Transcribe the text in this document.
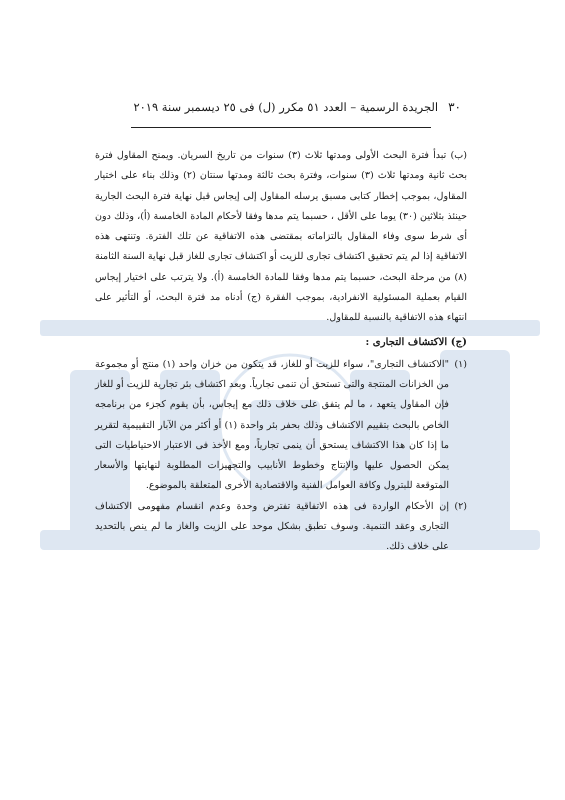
٣٠
الجريدة الرسمية – العدد ٥١ مكرر (ل) فى ٢٥ ديسمبر سنة ٢٠١٩

(ب) تبدأ فترة البحث الأولى ومدتها ثلاث (٣) سنوات من تاريخ السريان. ويمنح المقاول فترة بحث ثانية ومدتها ثلاث (٣) سنوات، وفترة بحث ثالثة ومدتها سنتان (٢) وذلك بناء على اختيار المقاول، بموجب إخطار كتابى مسبق يرسله المقاول إلى إيجاس قبل نهاية فترة البحث الجارية حينئذ بثلاثين (٣٠) يوما على الأقل ، حسبما يتم مدها وفقا لأحكام المادة الخامسة (أ)، وذلك دون أى شرط سوى وفاء المقاول بالتزاماته بمقتضى هذه الاتفاقية عن تلك الفترة. وتنتهى هذه الاتفاقية إذا لم يتم تحقيق اكتشاف تجارى للزيت أو اكتشاف تجارى للغاز قبل نهاية السنة الثامنة (٨) من مرحلة البحث، حسبما يتم مدها وفقا للمادة الخامسة (أ). ولا يترتب على اختيار إيجاس القيام بعملية المسئولية الانفرادية، بموجب الفقرة (ج) أدناه مد فترة البحث، أو التأثير على انتهاء هذه الاتفاقية بالنسبة للمقاول.

(ج) الاكتشاف التجارى :
(١)
"الاكتشاف التجارى"، سواء للزيت أو للغاز، قد يتكون من خزان واحد (١) منتج أو مجموعة من الخزانات المنتجة والتى تستحق أن تنمى تجارياً. وبعد اكتشاف بئر تجارية للزيت أو للغاز فإن المقاول يتعهد ، ما لم يتفق على خلاف ذلك مع إيجاس، بأن يقوم كجزء من برنامجه الخاص بالبحث بتقييم الاكتشاف وذلك بحفر بئر واحدة (١) أو أكثر من الآبار التقييمية لتقرير ما إذا كان هذا الاكتشاف يستحق أن ينمى تجارياً، ومع الأخذ فى الاعتبار الاحتياطيات التى يمكن الحصول عليها والإنتاج وخطوط الأنابيب والتجهيزات المطلوبة لنهايتها والأسعار المتوقعة للبترول وكافة العوامل الفنية والاقتصادية الأخرى المتعلقة بالموضوع.
(٢)
إن الأحكام الواردة فى هذه الاتفاقية تفترض وحدة وعدم انقسام مفهومى الاكتشاف التجارى وعقد التنمية. وسوف تطبق بشكل موحد على الزيت والغاز ما لم ينص بالتحديد على خلاف ذلك.
